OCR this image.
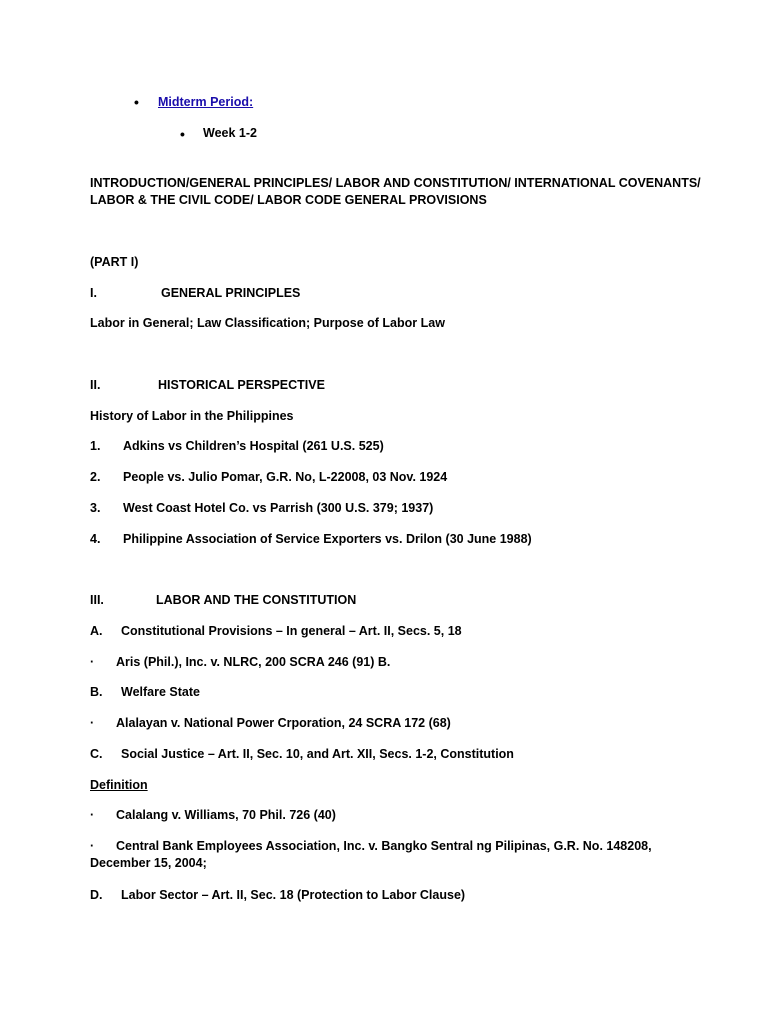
• Midterm Period:
• Week 1-2
INTRODUCTION/GENERAL PRINCIPLES/ LABOR AND CONSTITUTION/ INTERNATIONAL COVENANTS/
LABOR & THE CIVIL CODE/ LABOR CODE GENERAL PROVISIONS
(PART I)
I.	GENERAL PRINCIPLES
Labor in General; Law Classification; Purpose of Labor Law
II.	HISTORICAL PERSPECTIVE
History of Labor in the Philippines
1. Adkins vs Children’s Hospital (261 U.S. 525)
2. People vs. Julio Pomar, G.R. No, L-22008, 03 Nov. 1924
3. West Coast Hotel Co. vs Parrish (300 U.S. 379; 1937)
4. Philippine Association of Service Exporters vs. Drilon (30 June 1988)
III.	LABOR AND THE CONSTITUTION
A. Constitutional Provisions – In general – Art. II, Secs. 5, 18
· Aris (Phil.), Inc. v. NLRC, 200 SCRA 246 (91) B.
B. Welfare State
· Alalayan v. National Power Crporation, 24 SCRA 172 (68)
C. Social Justice – Art. II, Sec. 10, and Art. XII, Secs. 1-2, Constitution
Definition
· Calalang v. Williams, 70 Phil. 726 (40)
· Central Bank Employees Association, Inc. v. Bangko Sentral ng Pilipinas, G.R. No. 148208,
December 15, 2004;
D. Labor Sector – Art. II, Sec. 18 (Protection to Labor Clause)
